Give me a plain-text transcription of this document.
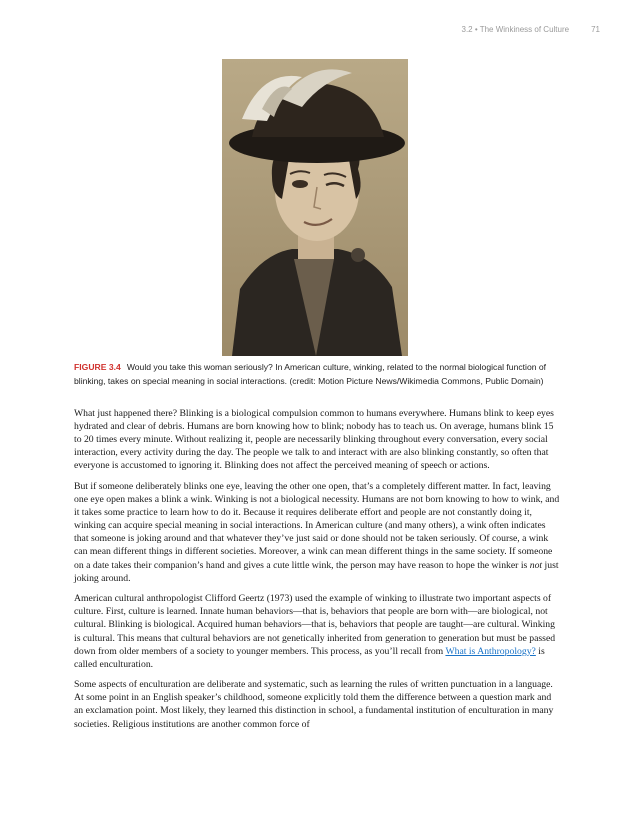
3.2 • The Winkiness of Culture	71
FIGURE 3.4 Would you take this woman seriously? In American culture, winking, related to the normal biological function of blinking, takes on special meaning in social interactions. (credit: Motion Picture News/Wikimedia Commons, Public Domain)

What just happened there? Blinking is a biological compulsion common to humans everywhere. Humans blink to keep eyes hydrated and clear of debris. Humans are born knowing how to blink; nobody has to teach us. On average, humans blink 15 to 20 times every minute. Without realizing it, people are necessarily blinking throughout every conversation, every social interaction, every activity during the day. The people we talk to and interact with are also blinking constantly, so often that everyone is accustomed to ignoring it. Blinking does not affect the perceived meaning of speech or actions.

But if someone deliberately blinks one eye, leaving the other one open, that’s a completely different matter. In fact, leaving one eye open makes a blink a wink. Winking is not a biological necessity. Humans are not born knowing to how to wink, and it takes some practice to learn how to do it. Because it requires deliberate effort and people are not constantly doing it, winking can acquire special meaning in social interactions. In American culture (and many others), a wink often indicates that someone is joking around and that whatever they’ve just said or done should not be taken seriously. Of course, a wink can mean different things in different societies. Moreover, a wink can mean different things in the same society. If someone on a date takes their companion’s hand and gives a cute little wink, the person may have reason to hope the winker is not just joking around.

American cultural anthropologist Clifford Geertz (1973) used the example of winking to illustrate two important aspects of culture. First, culture is learned. Innate human behaviors—that is, behaviors that people are born with—are biological, not cultural. Blinking is biological. Acquired human behaviors—that is, behaviors that people are taught—are cultural. Winking is cultural. This means that cultural behaviors are not genetically inherited from generation to generation but must be passed down from older members of a society to younger members. This process, as you’ll recall from What is Anthropology? is called enculturation.

Some aspects of enculturation are deliberate and systematic, such as learning the rules of written punctuation in a language. At some point in an English speaker’s childhood, someone explicitly told them the difference between a question mark and an exclamation point. Most likely, they learned this distinction in school, a fundamental institution of enculturation in many societies. Religious institutions are another common force of
